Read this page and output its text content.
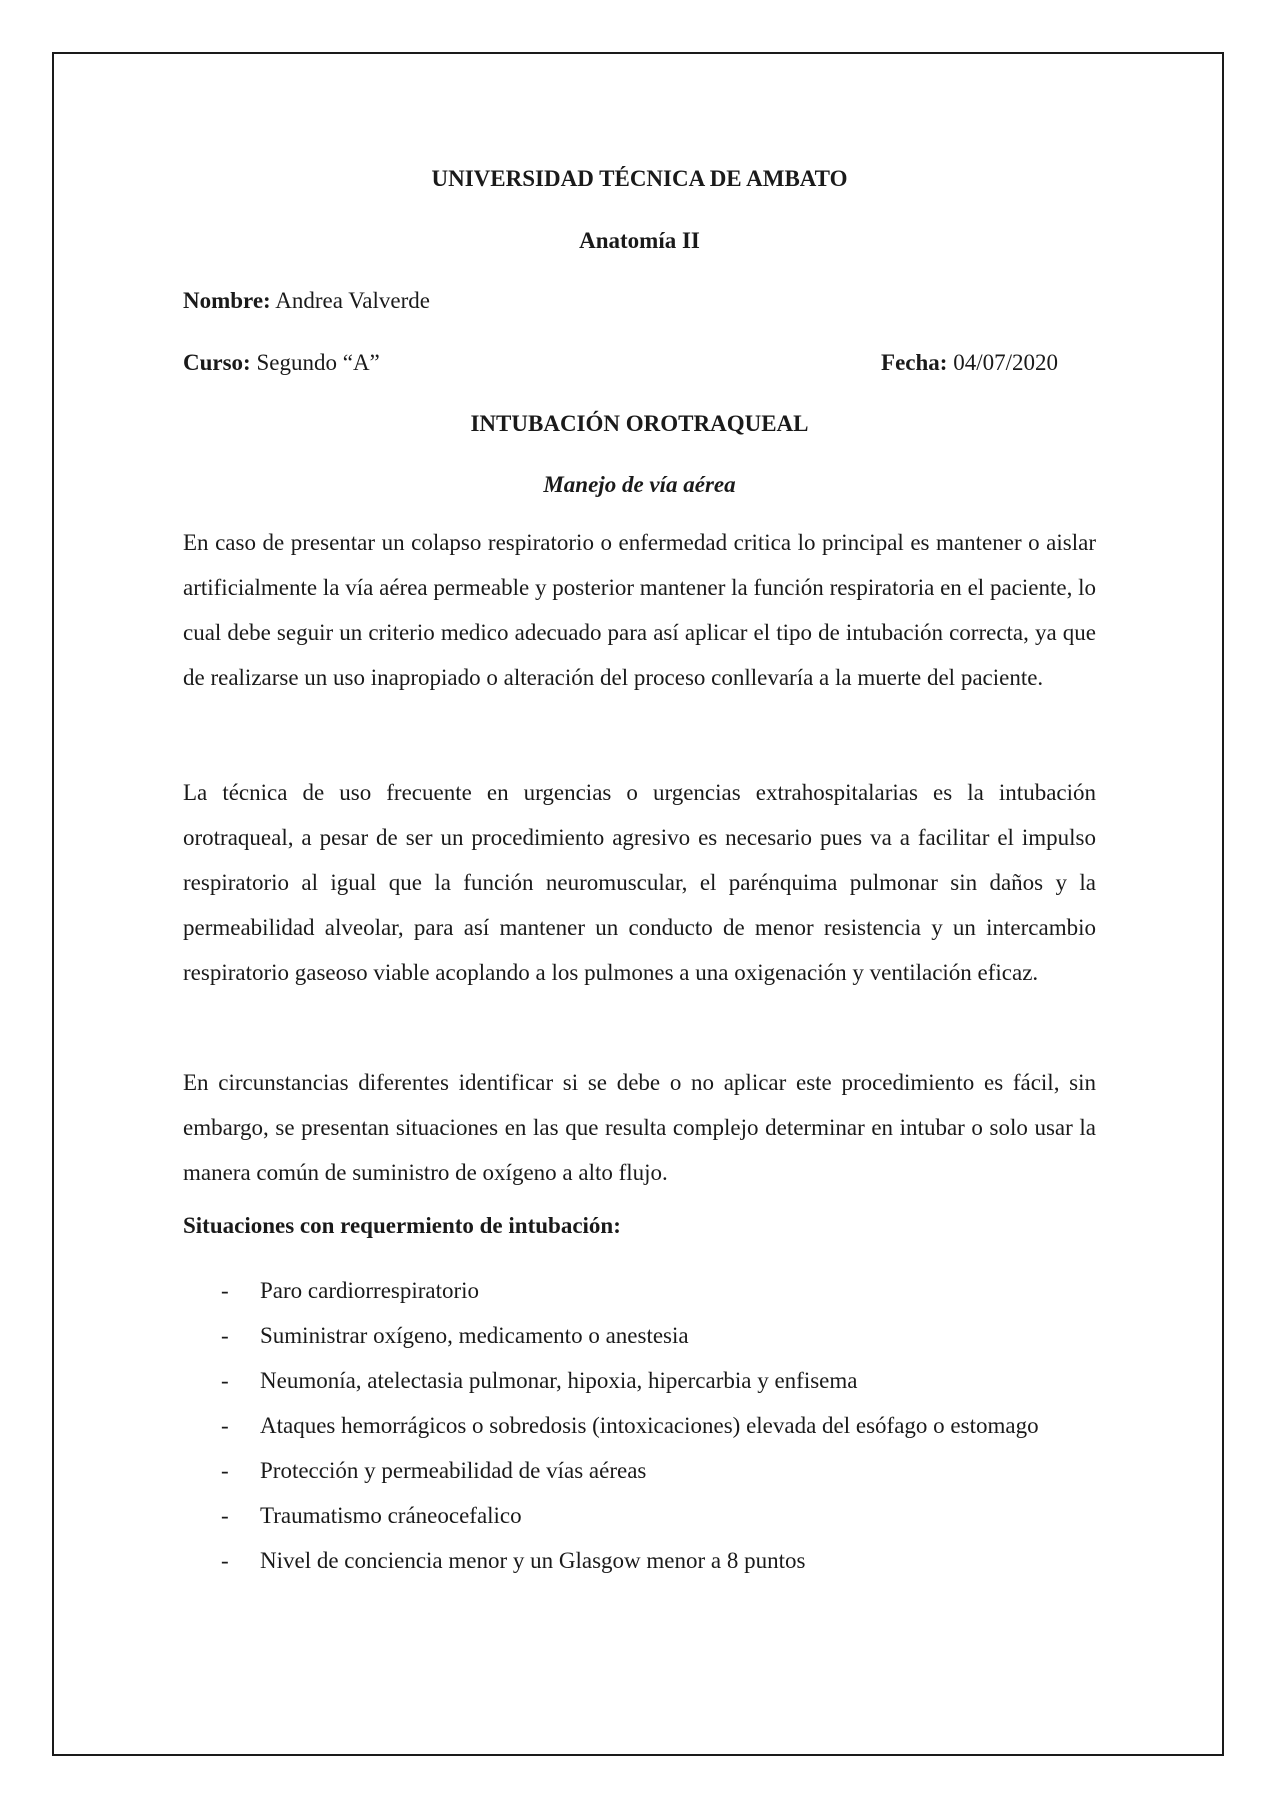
UNIVERSIDAD TÉCNICA DE AMBATO
Anatomía II
Nombre: Andrea Valverde
Curso: Segundo “A”	Fecha: 04/07/2020
INTUBACIÓN OROTRAQUEAL
Manejo de vía aérea

En caso de presentar un colapso respiratorio o enfermedad critica lo principal es mantener o aislar artificialmente la vía aérea permeable y posterior mantener la función respiratoria en el paciente, lo cual debe seguir un criterio medico adecuado para así aplicar el tipo de intubación correcta, ya que de realizarse un uso inapropiado o alteración del proceso conllevaría a la muerte del paciente.

La técnica de uso frecuente en urgencias o urgencias extrahospitalarias es la intubación orotraqueal, a pesar de ser un procedimiento agresivo es necesario pues va a facilitar el impulso respiratorio al igual que la función neuromuscular, el parénquima pulmonar sin daños y la permeabilidad alveolar, para así mantener un conducto de menor resistencia y un intercambio respiratorio gaseoso viable acoplando a los pulmones a una oxigenación y ventilación eficaz.

En circunstancias diferentes identificar si se debe o no aplicar este procedimiento es fácil, sin embargo, se presentan situaciones en las que resulta complejo determinar en intubar o solo usar la manera común de suministro de oxígeno a alto flujo.

Situaciones con requermiento de intubación:
- Paro cardiorrespiratorio
- Suministrar oxígeno, medicamento o anestesia
- Neumonía, atelectasia pulmonar, hipoxia, hipercarbia y enfisema
- Ataques hemorrágicos o sobredosis (intoxicaciones) elevada del esófago o estomago
- Protección y permeabilidad de vías aéreas
- Traumatismo cráneocefalico
- Nivel de conciencia menor y un Glasgow menor a 8 puntos
